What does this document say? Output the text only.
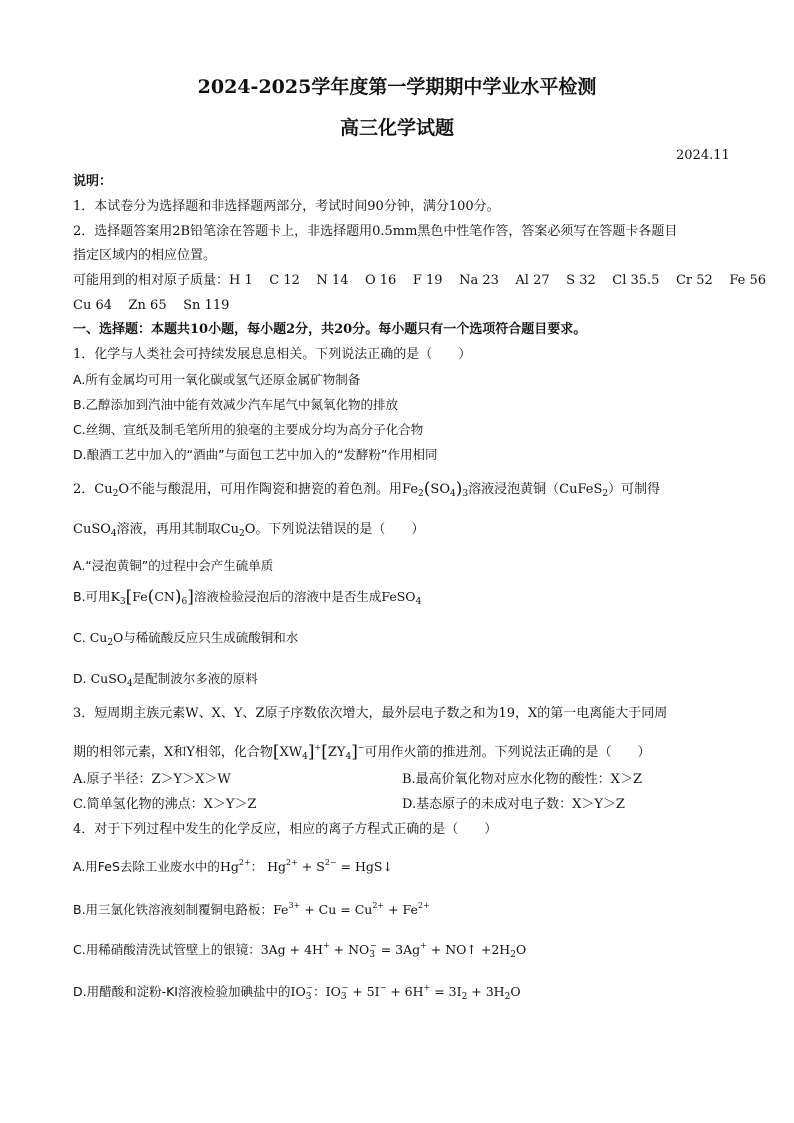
2024-2025学年度第一学期期中学业水平检测
高三化学试题
2024.11
说明：
1．本试卷分为选择题和非选择题两部分，考试时间90分钟，满分100分。
2．选择题答案用2B铅笔涂在答题卡上，非选择题用0.5mm黑色中性笔作答，答案必须写在答题卡各题目
指定区域内的相应位置。
可能用到的相对原子质量：H 1    C 12    N 14    O 16    F 19    Na 23    Al 27    S 32    Cl 35.5    Cr 52    Fe 56
Cu 64    Zn 65    Sn 119
一、选择题：本题共10小题，每小题2分，共20分。每小题只有一个选项符合题目要求。
1．化学与人类社会可持续发展息息相关。下列说法正确的是（　　）
A.所有金属均可用一氧化碳或氢气还原金属矿物制备
B.乙醇添加到汽油中能有效减少汽车尾气中氮氧化物的排放
C.丝绸、宣纸及制毛笔所用的狼毫的主要成分均为高分子化合物
D.酿酒工艺中加入的“酒曲”与面包工艺中加入的“发酵粉”作用相同
2．$Cu_2O$不能与酸混用，可用作陶瓷和搪瓷的着色剂。用$Fe_2(SO_4)_3$溶液浸泡黄铜（CuFeS$_2$）可制得
CuSO$_4$溶液，再用其制取$Cu_2O$。下列说法错误的是（　　）
A.“浸泡黄铜”的过程中会产生硫单质
B.可用$K_3[Fe(CN)_6]$溶液检验浸泡后的溶液中是否生成FeSO$_4$
C. $Cu_2O$与稀硫酸反应只生成硫酸铜和水
D. CuSO$_4$是配制波尔多液的原料
3．短周期主族元素W、X、Y、Z原子序数依次增大，最外层电子数之和为19，X的第一电离能大于同周
期的相邻元素，X和Y相邻，化合物$[XW_4]^+[ZY_4]^-$可用作火箭的推进剂。下列说法正确的是（　　）
A.原子半径：Z＞Y＞X＞W	B.最高价氧化物对应水化物的酸性：X＞Z
C.简单氢化物的沸点：X＞Y＞Z	D.基态原子的未成对电子数：X＞Y＞Z
4．对于下列过程中发生的化学反应，相应的离子方程式正确的是（　　）
A.用FeS去除工业废水中的$Hg^{2+}$： $Hg^{2+} + S^{2-}$ = HgS↓
B.用三氯化铁溶液刻制覆铜电路板：$Fe^{3+} + Cu = Cu^{2+} + Fe^{2+}$
C.用稀硝酸清洗试管壁上的银镜：$3Ag + 4H^+ + NO_3^- = 3Ag^+$ + NO↑ $+2H_2O$
D.用醋酸和淀粉-KI溶液检验加碘盐中的$IO_3^-$：$IO_3^- + 5I^- + 6H^+ = 3I_2 + 3H_2O$
